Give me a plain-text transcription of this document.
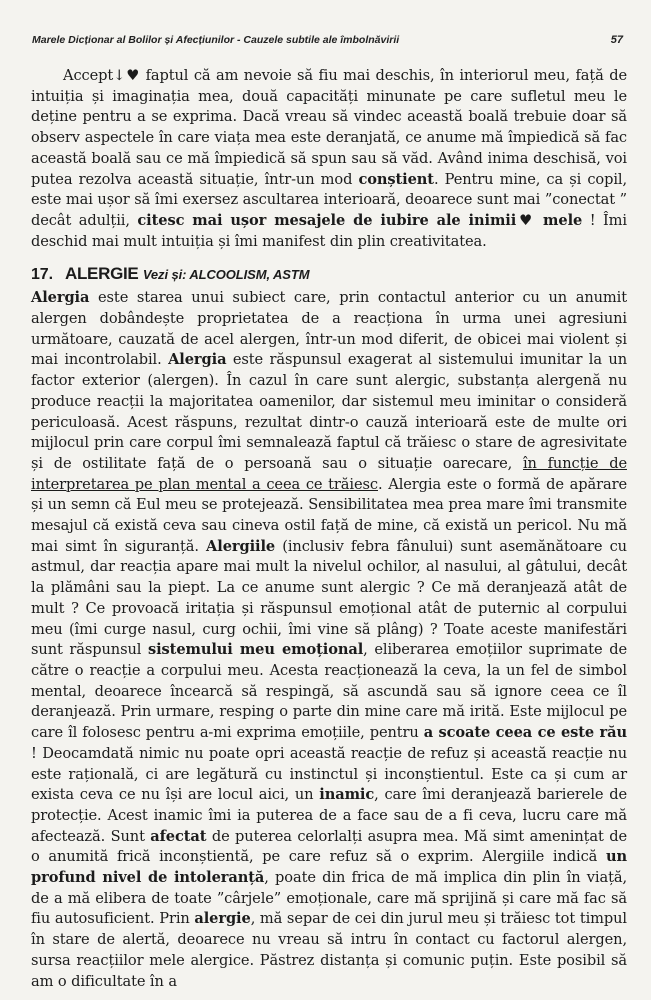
Marele Dicționar al Bolilor și Afecțiunilor - Cauzele subtile ale îmbolnăvirii	57

Accept↓♥ faptul că am nevoie să fiu mai deschis, în interiorul meu, față de intuiția și imaginația mea, două capacități minunate pe care sufletul meu le deține pentru a se exprima. Dacă vreau să vindec această boală trebuie doar să observ aspectele în care viața mea este deranjată, ce anume mă împiedică să fac această boală sau ce mă împiedică să spun sau să văd. Având inima deschisă, voi putea rezolva această situație, într-un mod conștient. Pentru mine, ca și copil, este mai ușor să îmi exersez ascultarea interioară, deoarece sunt mai ”conectat ” decât adulții, citesc mai ușor mesajele de iubire ale inimii♥ mele ! Îmi deschid mai mult intuiția și îmi manifest din plin creativitatea.

17. ALERGIE Vezi și: ALCOOLISM, ASTM

Alergia este starea unui subiect care, prin contactul anterior cu un anumit alergen dobândește proprietatea de a reacționa în urma unei agresiuni următoare, cauzată de acel alergen, într-un mod diferit, de obicei mai violent și mai incontrolabil. Alergia este răspunsul exagerat al sistemului imunitar la un factor exterior (alergen). În cazul în care sunt alergic, substanța alergenă nu produce reacții la majoritatea oamenilor, dar sistemul meu iminitar o consideră periculoasă. Acest răspuns, rezultat dintr-o cauză interioară este de multe ori mijlocul prin care corpul îmi semnalează faptul că trăiesc o stare de agresivitate și de ostilitate față de o persoană sau o situație oarecare, în funcție de interpretarea pe plan mental a ceea ce trăiesc. Alergia este o formă de apărare și un semn că Eul meu se protejează. Sensibilitatea mea prea mare îmi transmite mesajul că există ceva sau cineva ostil față de mine, că există un pericol. Nu mă mai simt în siguranță. Alergiile (inclusiv febra fânului) sunt asemănătoare cu astmul, dar reacția apare mai mult la nivelul ochilor, al nasului, al gâtului, decât la plămâni sau la piept. La ce anume sunt alergic ? Ce mă deranjează atât de mult ? Ce provoacă iritația și răspunsul emoțional atât de puternic al corpului meu (îmi curge nasul, curg ochii, îmi vine să plâng) ? Toate aceste manifestări sunt răspunsul sistemului meu emoțional, eliberarea emoțiilor suprimate de către o reacție a corpului meu. Acesta reacționează la ceva, la un fel de simbol mental, deoarece încearcă să respingă, să ascundă sau să ignore ceea ce îl deranjează. Prin urmare, resping o parte din mine care mă irită. Este mijlocul pe care îl folosesc pentru a-mi exprima emoțiile, pentru a scoate ceea ce este rău ! Deocamdată nimic nu poate opri această reacție de refuz și această reacție nu este rațională, ci are legătură cu instinctul și inconștientul. Este ca și cum ar exista ceva ce nu își are locul aici, un inamic, care îmi deranjează barierele de protecție. Acest inamic îmi ia puterea de a face sau de a fi ceva, lucru care mă afectează. Sunt afectat de puterea celorlalți asupra mea. Mă simt amenințat de o anumită frică inconștientă, pe care refuz să o exprim. Alergiile indică un profund nivel de intoleranță, poate din frica de mă implica din plin în viață, de a mă elibera de toate ”cârjele” emoționale, care mă sprijină și care mă fac să fiu autosuficient. Prin alergie, mă separ de cei din jurul meu și trăiesc tot timpul în stare de alertă, deoarece nu vreau să intru în contact cu factorul alergen, sursa reacțiilor mele alergice. Păstrez distanța și comunic puțin. Este posibil să am o dificultate în a
